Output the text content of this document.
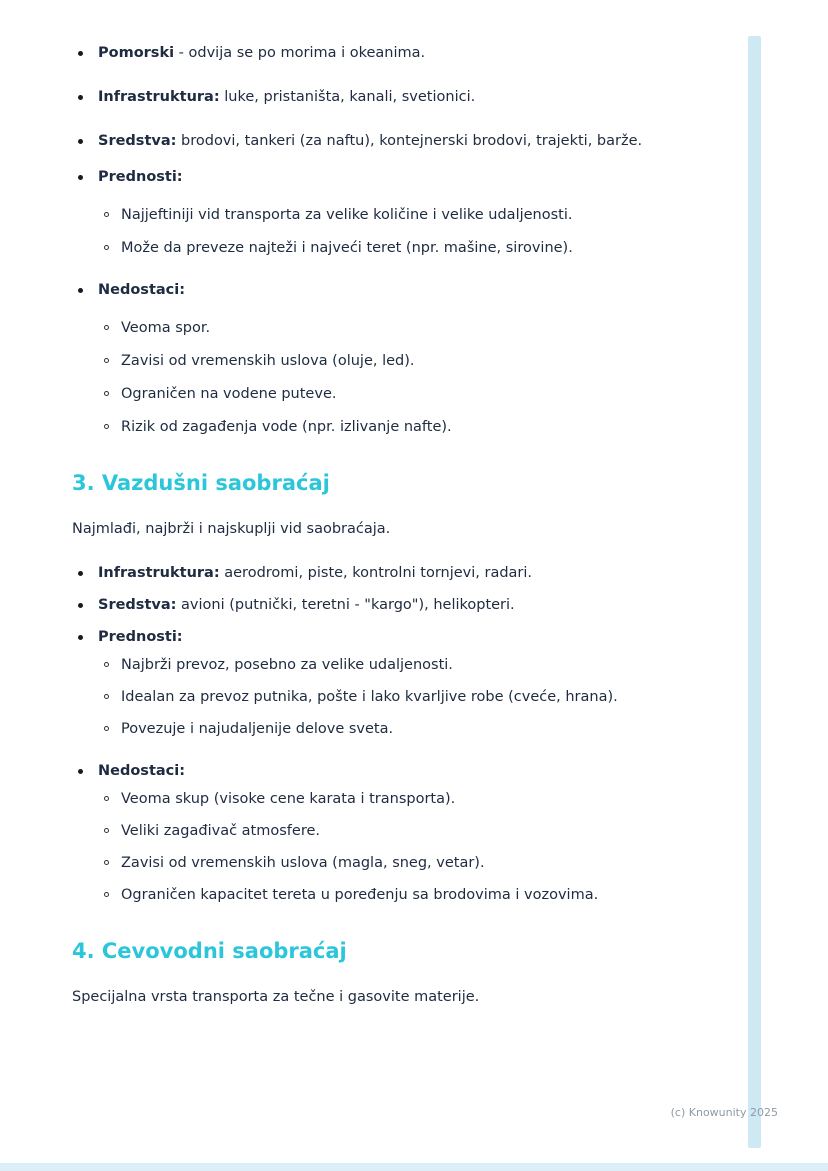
Pomorski - odvija se po morima i okeanima.

Infrastruktura: luke, pristaništa, kanali, svetionici.

Sredstva: brodovi, tankeri (za naftu), kontejnerski brodovi, trajekti, barže.

Prednosti:

Najjeftiniji vid transporta za velike količine i velike udaljenosti.

Može da preveze najteži i najveći teret (npr. mašine, sirovine).

Nedostaci:

Veoma spor.

Zavisi od vremenskih uslova (oluje, led).

Ograničen na vodene puteve.

Rizik od zagađenja vode (npr. izlivanje nafte).

3. Vazdušni saobraćaj

Najmlađi, najbrži i najskuplji vid saobraćaja.

Infrastruktura: aerodromi, piste, kontrolni tornjevi, radari.

Sredstva: avioni (putnički, teretni - "kargo"), helikopteri.

Prednosti:

Najbrži prevoz, posebno za velike udaljenosti.

Idealan za prevoz putnika, pošte i lako kvarljive robe (cveće, hrana).

Povezuje i najudaljenije delove sveta.

Nedostaci:

Veoma skup (visoke cene karata i transporta).

Veliki zagađivač atmosfere.

Zavisi od vremenskih uslova (magla, sneg, vetar).

Ograničen kapacitet tereta u poređenju sa brodovima i vozovima.

4. Cevovodni saobraćaj

Specijalna vrsta transporta za tečne i gasovite materije.

(c) Knowunity 2025
